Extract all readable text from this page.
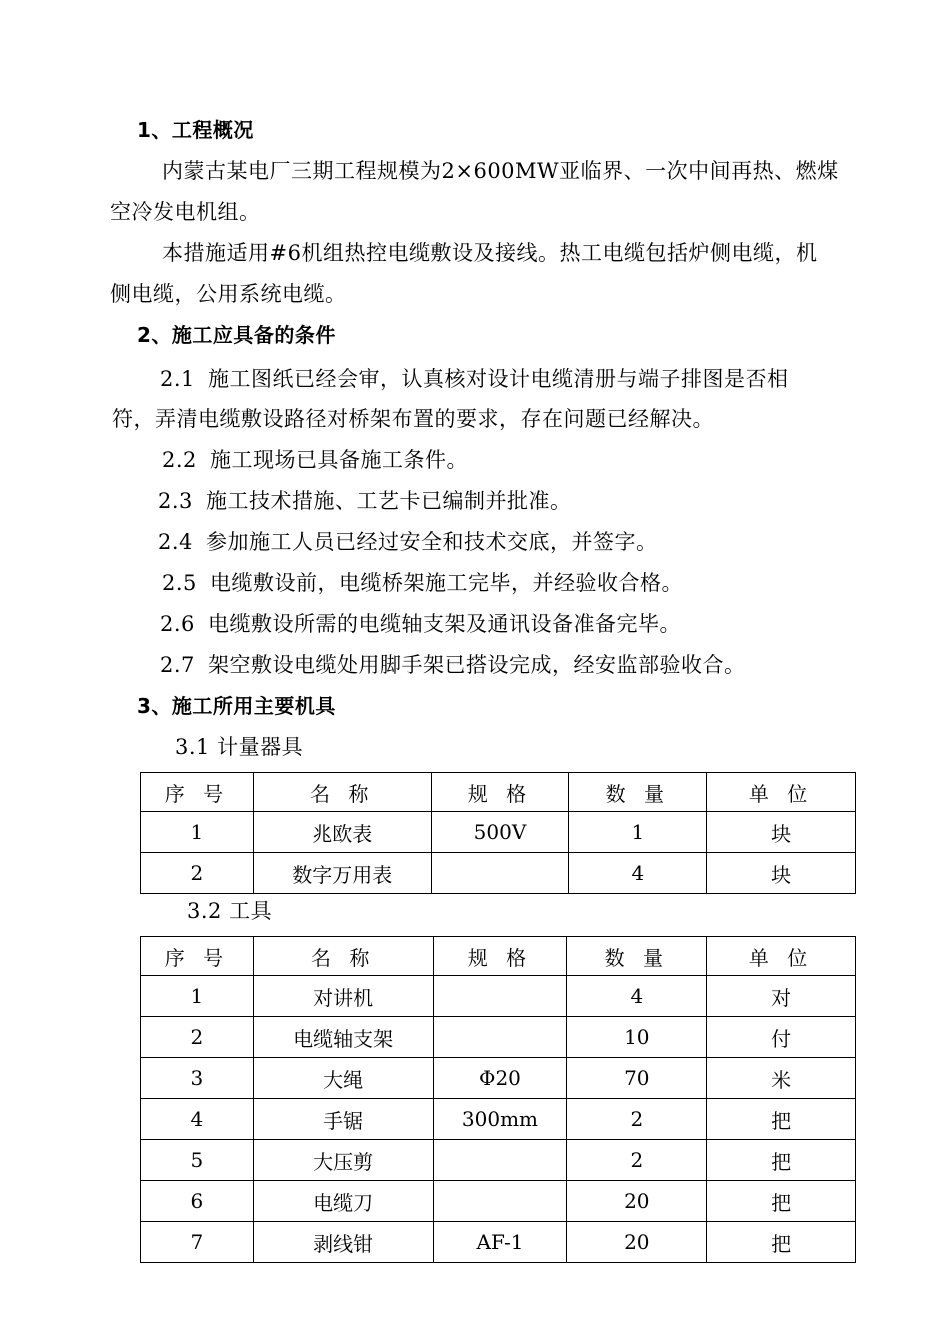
1、工程概况
内蒙古某电厂三期工程规模为2×600MW亚临界、一次中间再热、燃煤
空冷发电机组。
本措施适用#6机组热控电缆敷设及接线。热工电缆包括炉侧电缆，机
侧电缆，公用系统电缆。
2、施工应具备的条件
2.1 施工图纸已经会审，认真核对设计电缆清册与端子排图是否相
符，弄清电缆敷设路径对桥架布置的要求，存在问题已经解决。
2.2 施工现场已具备施工条件。
2.3 施工技术措施、工艺卡已编制并批准。
2.4 参加施工人员已经过安全和技术交底，并签字。
2.5 电缆敷设前，电缆桥架施工完毕，并经验收合格。
2.6 电缆敷设所需的电缆轴支架及通讯设备准备完毕。
2.7 架空敷设电缆处用脚手架已搭设完成，经安监部验收合。
3、施工所用主要机具
3.1 计量器具
序 号	名 称	规 格	数 量	单 位
1	兆欧表	500V	1	块
2	数字万用表		4	块
3.2 工具
序 号	名 称	规 格	数 量	单 位
1	对讲机		4	对
2	电缆轴支架		10	付
3	大绳	Φ20	70	米
4	手锯	300mm	2	把
5	大压剪		2	把
6	电缆刀		20	把
7	剥线钳	AF-1	20	把
